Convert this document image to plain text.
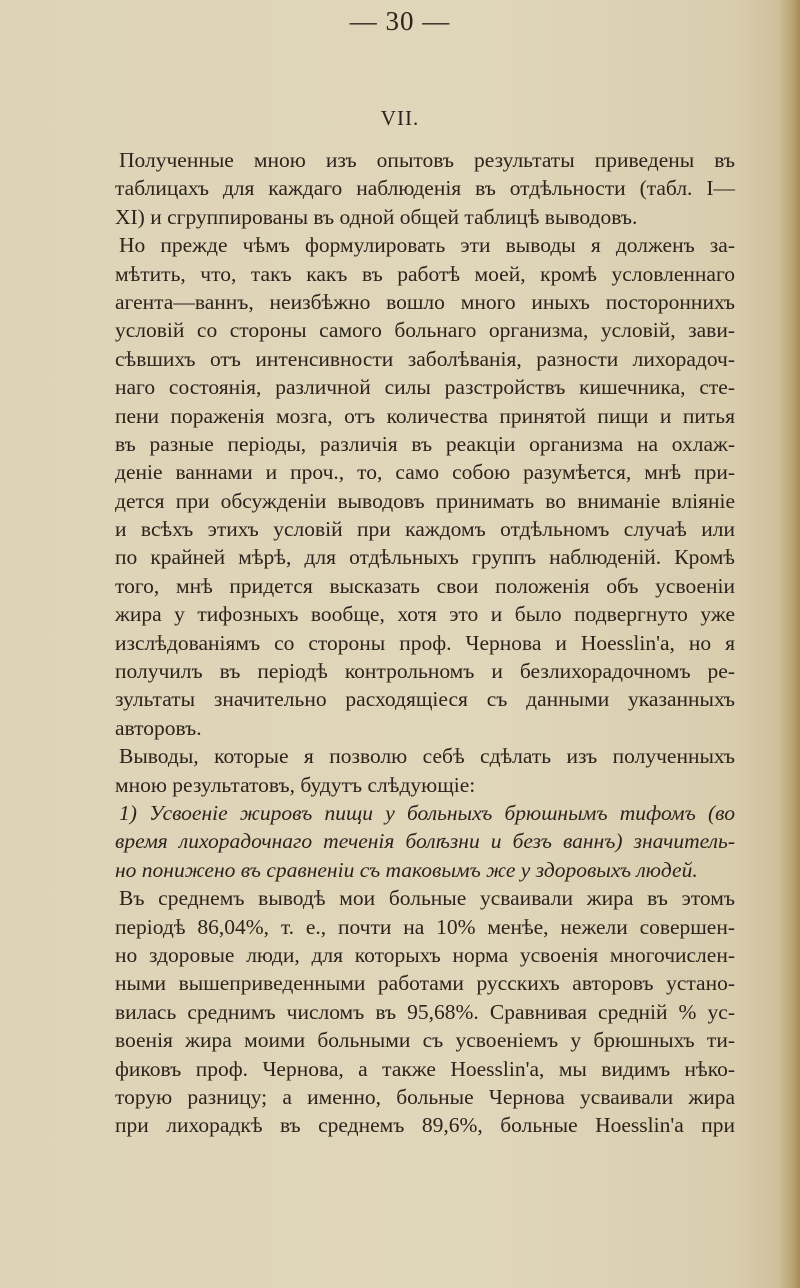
— 30 —
VII.
Полученные мною изъ опытовъ результаты приведены въ
таблицахъ для каждаго наблюденія въ отдѣльности (табл. I—
XI) и сгруппированы въ одной общей таблицѣ выводовъ.
Но прежде чѣмъ формулировать эти выводы я долженъ за-
мѣтить, что, такъ какъ въ работѣ моей, кромѣ условленнаго
агента—ваннъ, неизбѣжно вошло много иныхъ постороннихъ
условій со стороны самого больнаго организма, условій, зави-
сѣвшихъ отъ интенсивности заболѣванія, разности лихорадоч-
наго состоянія, различной силы разстройствъ кишечника, сте-
пени пораженія мозга, отъ количества принятой пищи и питья
въ разные періоды, различія въ реакціи организма на охлаж-
деніе ваннами и проч., то, само собою разумѣется, мнѣ при-
дется при обсужденіи выводовъ принимать во вниманіе вліяніе
и всѣхъ этихъ условій при каждомъ отдѣльномъ случаѣ или
по крайней мѣрѣ, для отдѣльныхъ группъ наблюденій. Кромѣ
того, мнѣ придется высказать свои положенія объ усвоеніи
жира у тифозныхъ вообще, хотя это и было подвергнуто уже
изслѣдованіямъ со стороны проф. Чернова и Hoesslin'a, но я
получилъ въ періодѣ контрольномъ и безлихорадочномъ ре-
зультаты значительно расходящіеся съ данными указанныхъ
авторовъ.
Выводы, которые я позволю себѣ сдѣлать изъ полученныхъ
мною результатовъ, будутъ слѣдующіе:
1) Усвоеніе жировъ пищи у больныхъ брюшнымъ тифомъ (во
время лихорадочнаго теченія болѣзни и безъ ваннъ) значитель-
но понижено въ сравненіи съ таковымъ же у здоровыхъ людей.
Въ среднемъ выводѣ мои больные усваивали жира въ этомъ
періодѣ 86,04%, т. е., почти на 10% менѣе, нежели совершен-
но здоровые люди, для которыхъ норма усвоенія многочислен-
ными вышеприведенными работами русскихъ авторовъ устано-
вилась среднимъ числомъ въ 95,68%. Сравнивая средній % ус-
военія жира моими больными съ усвоеніемъ у брюшныхъ ти-
фиковъ проф. Чернова, а также Hoesslin'a, мы видимъ нѣко-
торую разницу; а именно, больные Чернова усваивали жира
при лихорадкѣ въ среднемъ 89,6%, больные Hoesslin'a при
